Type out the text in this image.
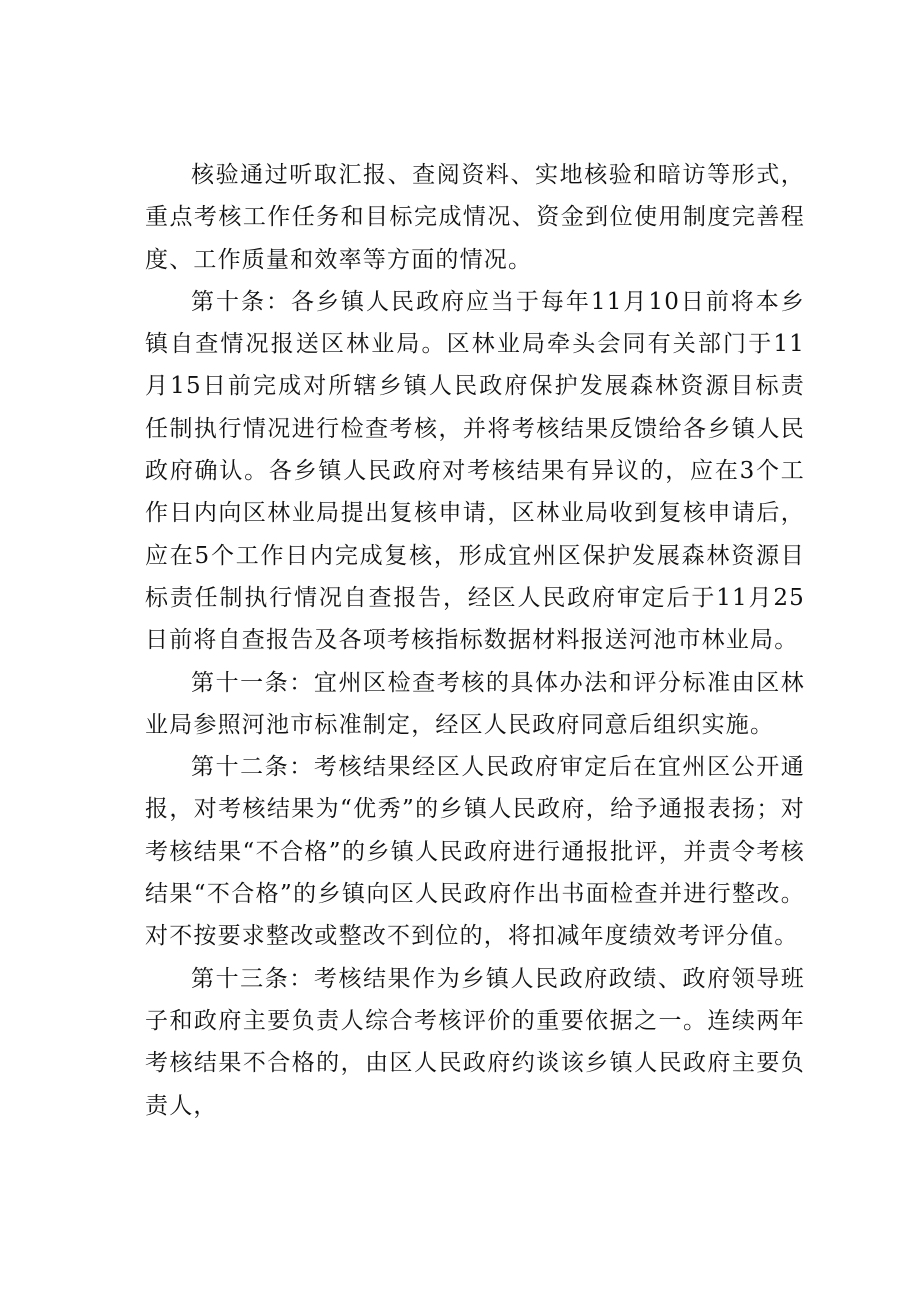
核验通过听取汇报、查阅资料、实地核验和暗访等形式，重点考核工作任务和目标完成情况、资金到位使用制度完善程度、工作质量和效率等方面的情况。

第十条：各乡镇人民政府应当于每年11月10日前将本乡镇自查情况报送区林业局。区林业局牵头会同有关部门于11月15日前完成对所辖乡镇人民政府保护发展森林资源目标责任制执行情况进行检查考核，并将考核结果反馈给各乡镇人民政府确认。各乡镇人民政府对考核结果有异议的，应在3个工作日内向区林业局提出复核申请，区林业局收到复核申请后，应在5个工作日内完成复核，形成宜州区保护发展森林资源目标责任制执行情况自查报告，经区人民政府审定后于11月25日前将自查报告及各项考核指标数据材料报送河池市林业局。

第十一条：宜州区检查考核的具体办法和评分标准由区林业局参照河池市标准制定，经区人民政府同意后组织实施。

第十二条：考核结果经区人民政府审定后在宜州区公开通报，对考核结果为“优秀”的乡镇人民政府，给予通报表扬；对考核结果“不合格”的乡镇人民政府进行通报批评，并责令考核结果“不合格”的乡镇向区人民政府作出书面检查并进行整改。对不按要求整改或整改不到位的，将扣减年度绩效考评分值。

第十三条：考核结果作为乡镇人民政府政绩、政府领导班子和政府主要负责人综合考核评价的重要依据之一。连续两年考核结果不合格的，由区人民政府约谈该乡镇人民政府主要负责人，
